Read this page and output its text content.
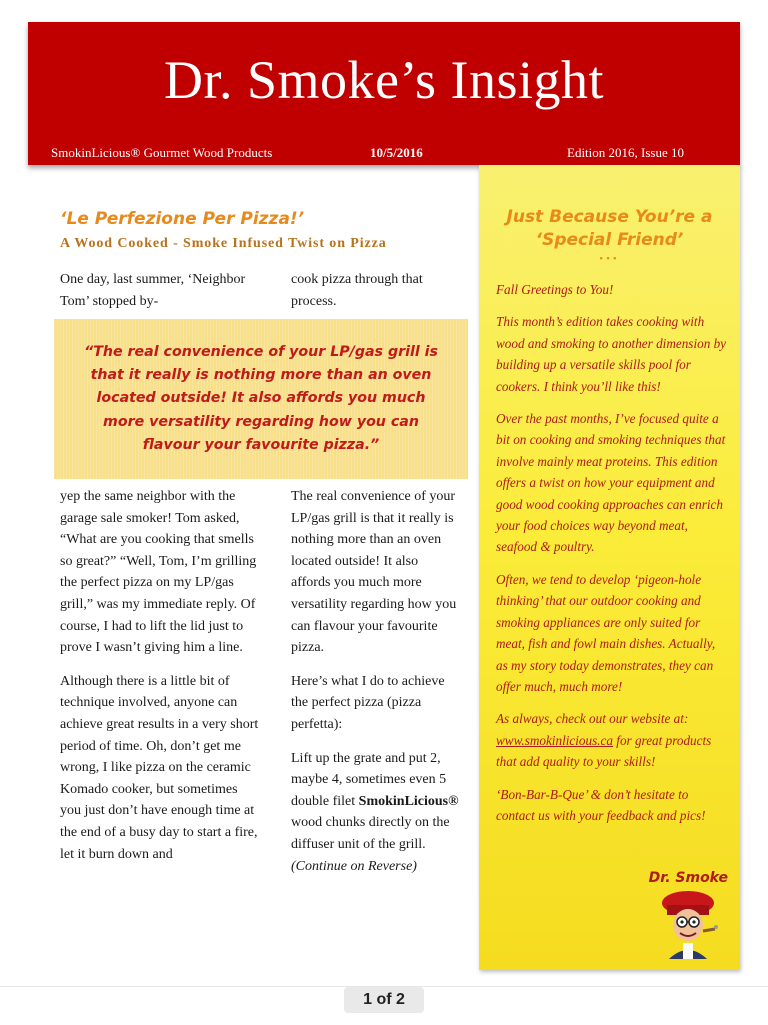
Dr. Smoke’s Insight
SmokinLicious® Gourmet Wood Products	10/5/2016	Edition 2016, Issue 10
‘Le Perfezione Per Pizza!’
A Wood Cooked - Smoke Infused Twist on Pizza

One day, last summer, ‘Neighbor Tom’ stopped by-

cook pizza through that process.

“The real convenience of your LP/gas grill is that it really is nothing more than an oven located outside! It also affords you much more versatility regarding how you can flavour your favourite pizza.”

yep the same neighbor with the garage sale smoker! Tom asked, “What are you cooking that smells so great?” “Well, Tom, I’m grilling the perfect pizza on my LP/gas grill,” was my immediate reply. Of course, I had to lift the lid just to prove I wasn’t giving him a line.

Although there is a little bit of technique involved, anyone can achieve great results in a very short period of time. Oh, don’t get me wrong, I like pizza on the ceramic Komado cooker, but sometimes you just don’t have enough time at the end of a busy day to start a fire, let it burn down and

The real convenience of your LP/gas grill is that it really is nothing more than an oven located outside! It also affords you much more versatility regarding how you can flavour your favourite pizza.

Here’s what I do to achieve the perfect pizza (pizza perfetta):

Lift up the grate and put 2, maybe 4, sometimes even 5 double filet SmokinLicious® wood chunks directly on the diffuser unit of the grill.
(Continue on Reverse)

Just Because You’re a
‘Special Friend’
•••

Fall Greetings to You!

This month’s edition takes cooking with wood and smoking to another dimension by building up a versatile skills pool for cookers. I think you’ll like this!

Over the past months, I’ve focused quite a bit on cooking and smoking techniques that involve mainly meat proteins. This edition offers a twist on how your equipment and good wood cooking approaches can enrich your food choices way beyond meat, seafood & poultry.

Often, we tend to develop ‘pigeon-hole thinking’ that our outdoor cooking and smoking appliances are only suited for meat, fish and fowl main dishes. Actually, as my story today demonstrates, they can offer much, much more!

As always, check out our website at: www.smokinlicious.ca for great products that add quality to your skills!

‘Bon-Bar-B-Que’ & don’t hesitate to contact us with your feedback and pics!

Dr. Smoke
1 of 2
